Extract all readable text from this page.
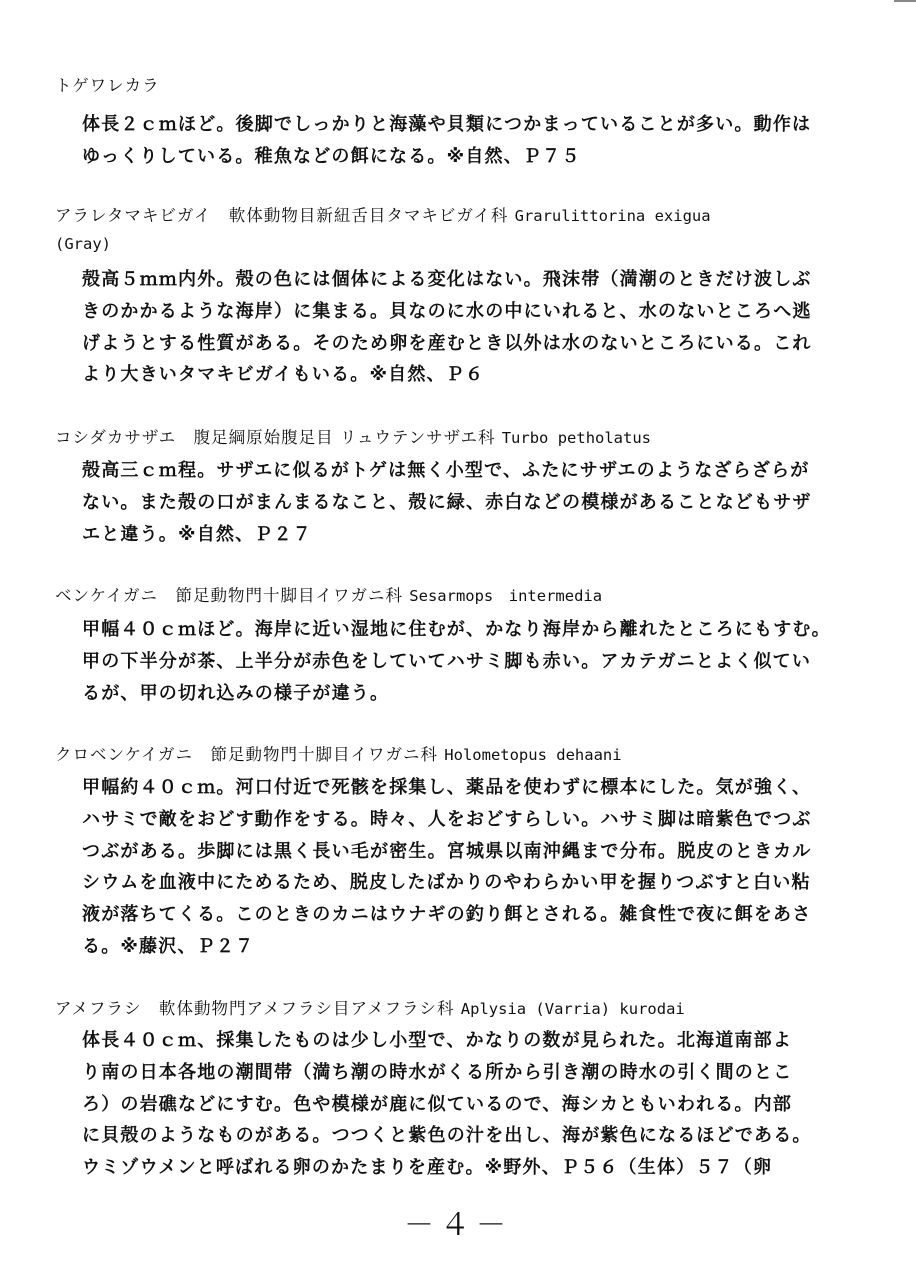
トゲワレカラ
体長２ｃｍほど。後脚でしっかりと海藻や貝類につかまっていることが多い。動作は
ゆっくりしている。稚魚などの餌になる。※自然、Ｐ７５
アラレタマキビガイ　軟体動物目新紐舌目タマキビガイ科 Grarulittorina exigua
(Gray)
殻高５ｍｍ内外。殻の色には個体による変化はない。飛沫帯（満潮のときだけ波しぶ
きのかかるような海岸）に集まる。貝なのに水の中にいれると、水のないところへ逃
げようとする性質がある。そのため卵を産むとき以外は水のないところにいる。これ
より大きいタマキビガイもいる。※自然、Ｐ６
コシダカサザエ　腹足綱原始腹足目 リュウテンサザエ科 Turbo petholatus
殻高三ｃｍ程。サザエに似るがトゲは無く小型で、ふたにサザエのようなざらざらが
ない。また殻の口がまんまるなこと、殻に緑、赤白などの模様があることなどもサザ
エと違う。※自然、Ｐ２７
ベンケイガニ　節足動物門十脚目イワガニ科 Sesarmops　intermedia
甲幅４０ｃｍほど。海岸に近い湿地に住むが、かなり海岸から離れたところにもすむ。
甲の下半分が茶、上半分が赤色をしていてハサミ脚も赤い。アカテガニとよく似てい
るが、甲の切れ込みの様子が違う。
クロベンケイガニ　節足動物門十脚目イワガニ科 Holometopus dehaani
甲幅約４０ｃｍ。河口付近で死骸を採集し、薬品を使わずに標本にした。気が強く、
ハサミで敵をおどす動作をする。時々、人をおどすらしい。ハサミ脚は暗紫色でつぶ
つぶがある。歩脚には黒く長い毛が密生。宮城県以南沖縄まで分布。脱皮のときカル
シウムを血液中にためるため、脱皮したばかりのやわらかい甲を握りつぶすと白い粘
液が落ちてくる。このときのカニはウナギの釣り餌とされる。雑食性で夜に餌をあさ
る。※藤沢、Ｐ２７
アメフラシ　軟体動物門アメフラシ目アメフラシ科 Aplysia (Varria) kurodai
体長４０ｃｍ、採集したものは少し小型で、かなりの数が見られた。北海道南部よ
り南の日本各地の潮間帯（満ち潮の時水がくる所から引き潮の時水の引く間のとこ
ろ）の岩礁などにすむ。色や模様が鹿に似ているので、海シカともいわれる。内部
に貝殻のようなものがある。つつくと紫色の汁を出し、海が紫色になるほどである。
ウミゾウメンと呼ばれる卵のかたまりを産む。※野外、Ｐ５６（生体）５７（卵
－４－
